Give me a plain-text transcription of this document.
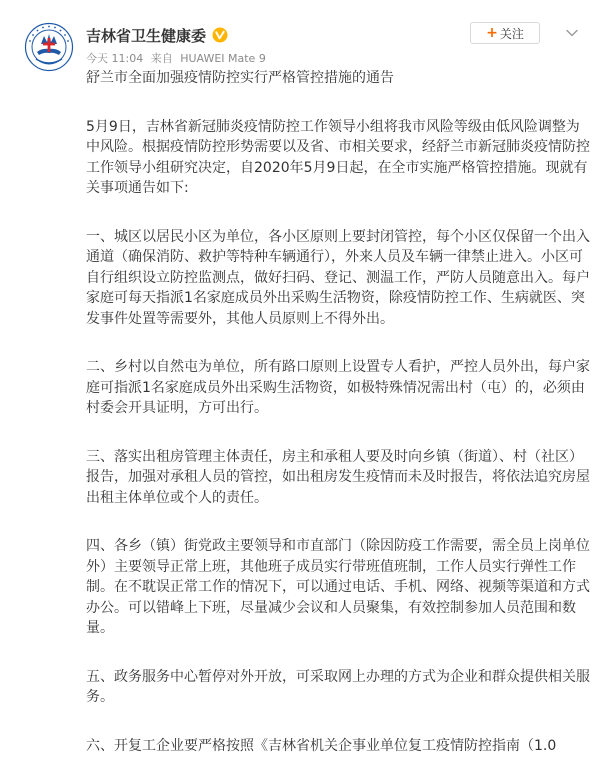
吉林省卫生健康委
今天 11:04 来自 HUAWEI Mate 9
+ 关注

舒兰市全面加强疫情防控实行严格管控措施的通告

5月9日，吉林省新冠肺炎疫情防控工作领导小组将我市风险等级由低风险调整为中风险。根据疫情防控形势需要以及省、市相关要求，经舒兰市新冠肺炎疫情防控工作领导小组研究决定，自2020年5月9日起，在全市实施严格管控措施。现就有关事项通告如下:

一、城区以居民小区为单位，各小区原则上要封闭管控，每个小区仅保留一个出入通道（确保消防、救护等特种车辆通行），外来人员及车辆一律禁止进入。小区可自行组织设立防控监测点，做好扫码、登记、测温工作，严防人员随意出入。每户家庭可每天指派1名家庭成员外出采购生活物资，除疫情防控工作、生病就医、突发事件处置等需要外，其他人员原则上不得外出。

二、乡村以自然屯为单位，所有路口原则上设置专人看护，严控人员外出，每户家庭可指派1名家庭成员外出采购生活物资，如极特殊情况需出村（屯）的，必须由村委会开具证明，方可出行。

三、落实出租房管理主体责任，房主和承租人要及时向乡镇（街道）、村（社区）报告，加强对承租人员的管控，如出租房发生疫情而未及时报告，将依法追究房屋出租主体单位或个人的责任。

四、各乡（镇）街党政主要领导和市直部门（除因防疫工作需要，需全员上岗单位外）主要领导正常上班，其他班子成员实行带班值班制，工作人员实行弹性工作制。在不耽误正常工作的情况下，可以通过电话、手机、网络、视频等渠道和方式办公。可以错峰上下班，尽量减少会议和人员聚集，有效控制参加人员范围和数量。

五、政务服务中心暂停对外开放，可采取网上办理的方式为企业和群众提供相关服务。

六、开复工企业要严格按照《吉林省机关企事业单位复工疫情防控指南（1.0
